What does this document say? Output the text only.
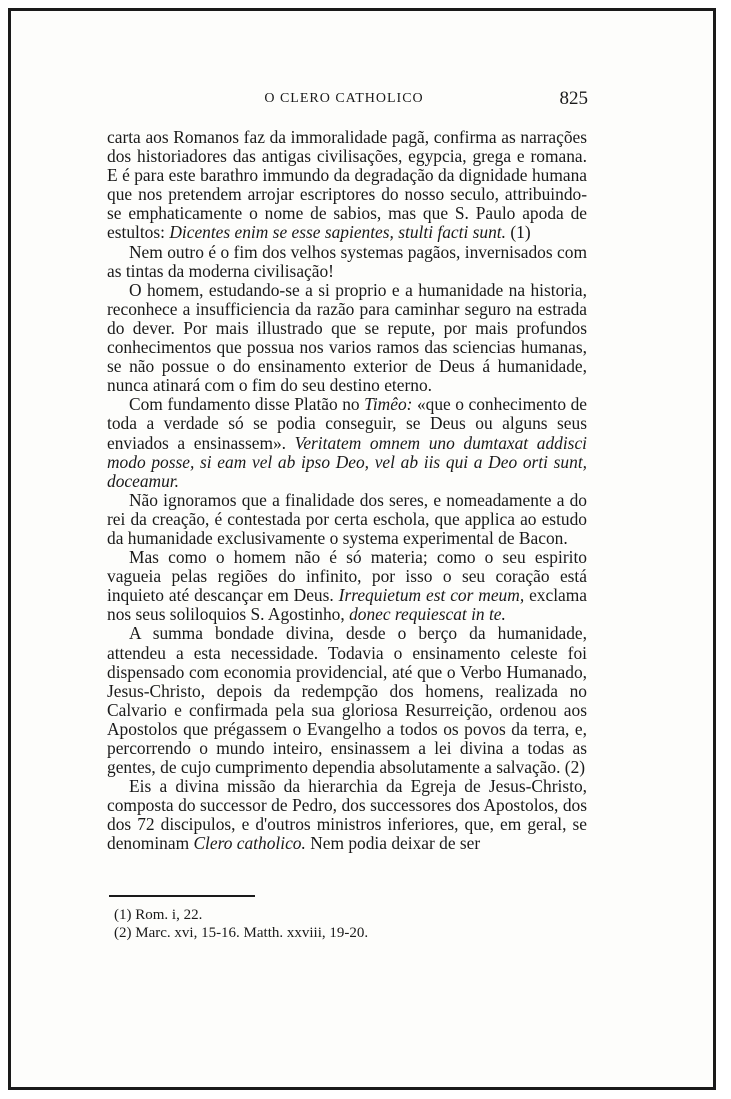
O CLERO CATHOLICO	825

carta aos Romanos faz da immoralidade pagã, confirma as narrações dos historiadores das antigas civilisações, egypcia, grega e romana. E é para este barathro immundo da degradação da dignidade humana que nos pretendem arrojar escriptores do nosso seculo, attribuindo-se emphaticamente o nome de sabios, mas que S. Paulo apoda de estultos: Dicentes enim se esse sapientes, stulti facti sunt. (1)

Nem outro é o fim dos velhos systemas pagãos, invernisados com as tintas da moderna civilisação!

O homem, estudando-se a si proprio e a humanidade na historia, reconhece a insufficiencia da razão para caminhar seguro na estrada do dever. Por mais illustrado que se repute, por mais profundos conhecimentos que possua nos varios ramos das sciencias humanas, se não possue o do ensinamento exterior de Deus á humanidade, nunca atinará com o fim do seu destino eterno.

Com fundamento disse Platão no Timêo: «que o conhecimento de toda a verdade só se podia conseguir, se Deus ou alguns seus enviados a ensinassem». Veritatem omnem uno dumtaxat addisci modo posse, si eam vel ab ipso Deo, vel ab iis qui a Deo orti sunt, doceamur.

Não ignoramos que a finalidade dos seres, e nomeadamente a do rei da creação, é contestada por certa eschola, que applica ao estudo da humanidade exclusivamente o systema experimental de Bacon.

Mas como o homem não é só materia; como o seu espirito vagueia pelas regiões do infinito, por isso o seu coração está inquieto até descançar em Deus. Irrequietum est cor meum, exclama nos seus soliloquios S. Agostinho, donec requiescat in te.

A summa bondade divina, desde o berço da humanidade, attendeu a esta necessidade. Todavia o ensinamento celeste foi dispensado com economia providencial, até que o Verbo Humanado, Jesus-Christo, depois da redempção dos homens, realizada no Calvario e confirmada pela sua gloriosa Resurreição, ordenou aos Apostolos que prégassem o Evangelho a todos os povos da terra, e, percorrendo o mundo inteiro, ensinassem a lei divina a todas as gentes, de cujo cumprimento dependia absolutamente a salvação. (2)

Eis a divina missão da hierarchia da Egreja de Jesus-Christo, composta do successor de Pedro, dos successores dos Apostolos, dos dos 72 discipulos, e d'outros ministros inferiores, que, em geral, se denominam Clero catholico. Nem podia deixar de ser

(1) Rom. i, 22.
(2) Marc. xvi, 15-16. Matth. xxviii, 19-20.
